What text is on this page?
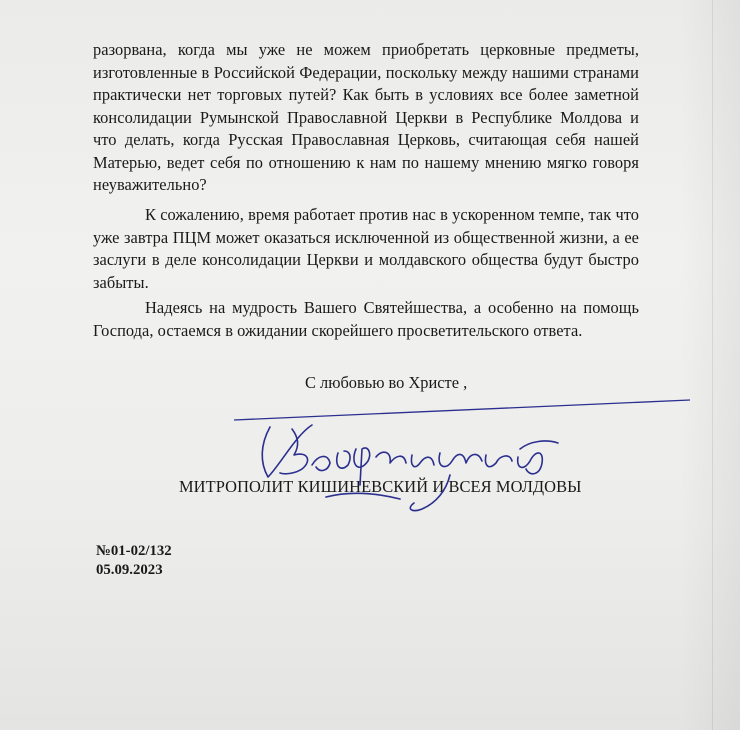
разорвана, когда мы уже не можем приобретать церковные предметы, изготовленные в Российской Федерации, поскольку между нашими странами практически нет торговых путей? Как быть в условиях все более заметной консолидации Румынской Православной Церкви в Республике Молдова и что делать, когда Русская Православная Церковь, считающая себя нашей Матерью, ведет себя по отношению к нам по нашему мнению мягко говоря неуважительно?

К сожалению, время работает против нас в ускоренном темпе, так что уже завтра ПЦМ может оказаться исключенной из общественной жизни, а ее заслуги в деле консолидации Церкви и молдавского общества будут быстро забыты.

Надеясь на мудрость Вашего Святейшества, а особенно на помощь Господа, остаемся в ожидании скорейшего просветительского ответа.

С любовью во Христе ,
МИТРОПОЛИТ КИШИНЕВСКИЙ И ВСЕЯ МОЛДОВЫ
№01-02/132
05.09.2023
